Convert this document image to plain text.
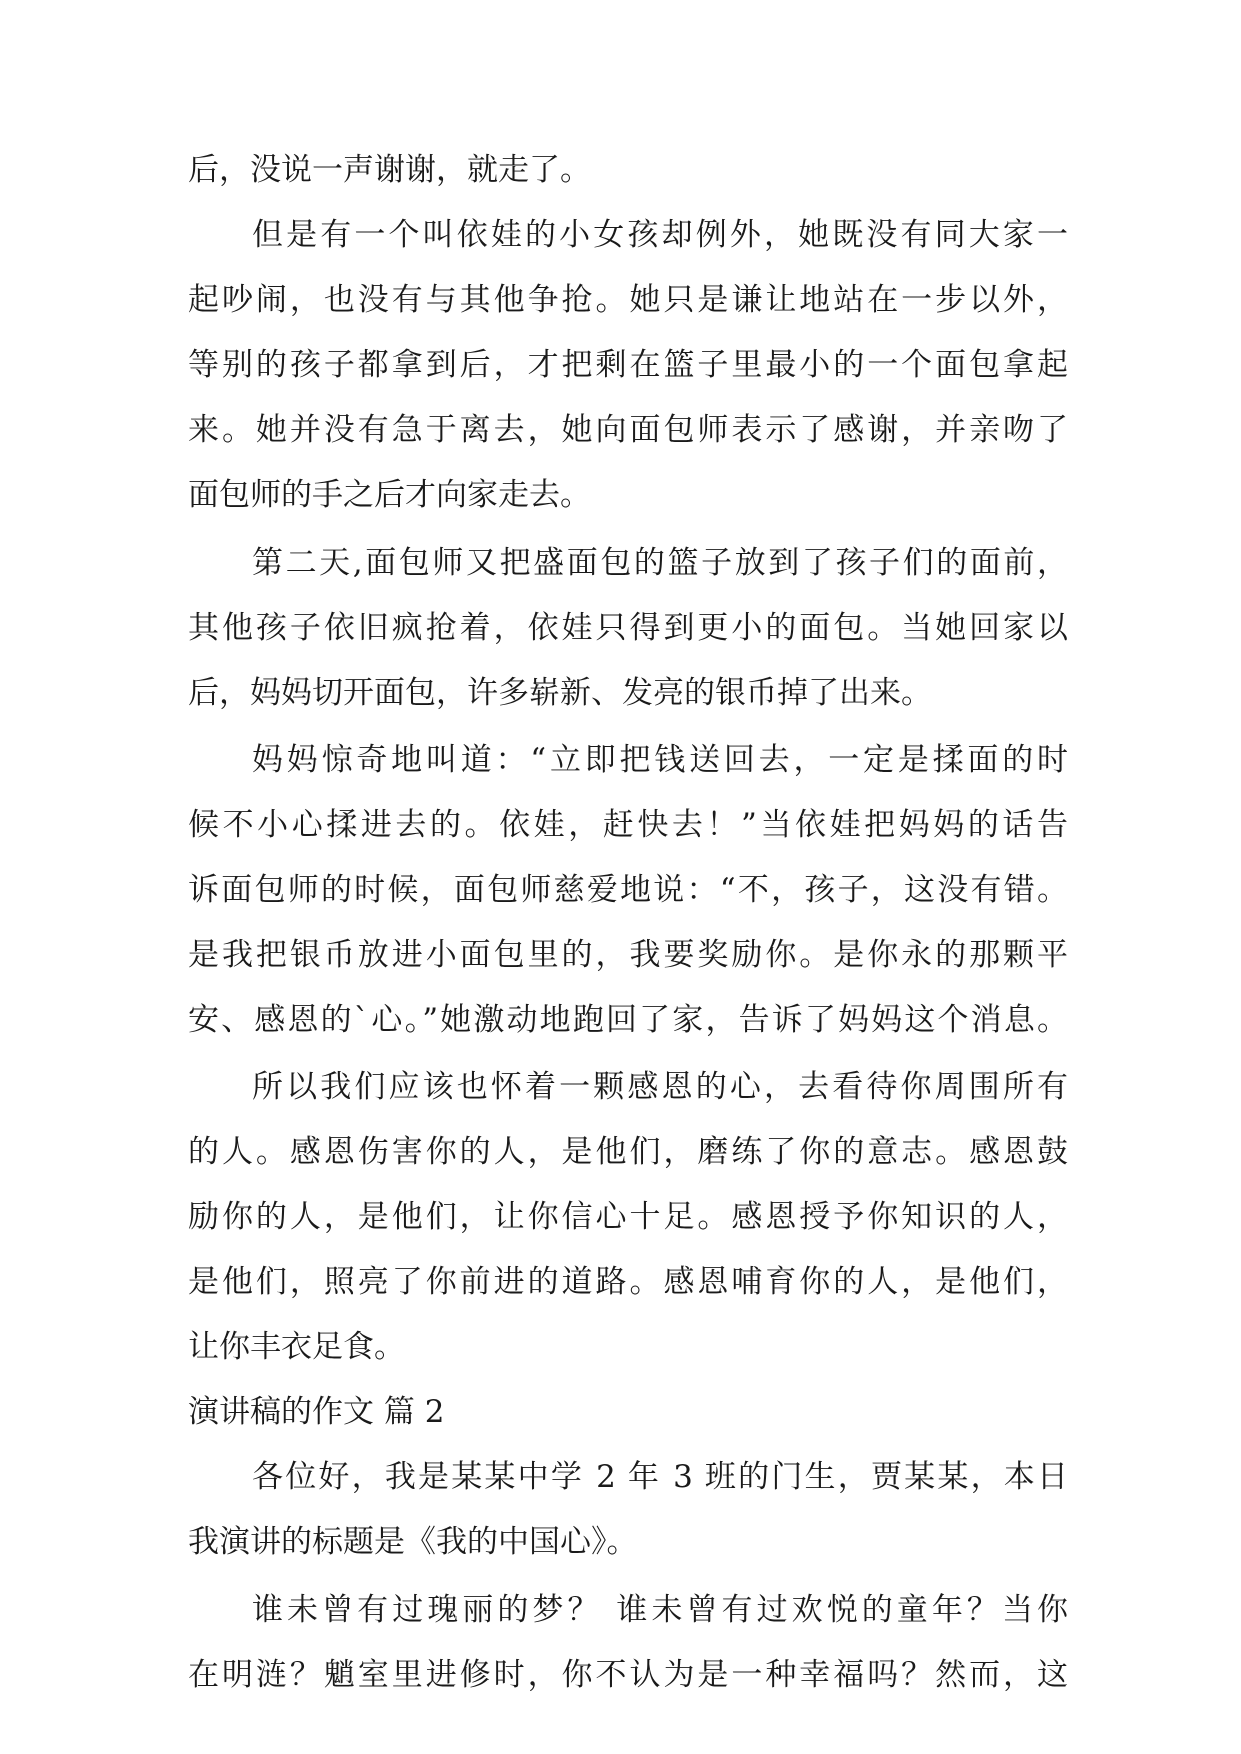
后，没说一声谢谢，就走了。
但是有一个叫依娃的小女孩却例外，她既没有同大家一
起吵闹，也没有与其他争抢。她只是谦让地站在一步以外，
等别的孩子都拿到后，才把剩在篮子里最小的一个面包拿起
来。她并没有急于离去，她向面包师表示了感谢，并亲吻了
面包师的手之后才向家走去。
第二天,面包师又把盛面包的篮子放到了孩子们的面前，
其他孩子依旧疯抢着，依娃只得到更小的面包。当她回家以
后，妈妈切开面包，许多崭新、发亮的银币掉了出来。
妈妈惊奇地叫道：“立即把钱送回去，一定是揉面的时
候不小心揉进去的。依娃，赶快去！”当依娃把妈妈的话告
诉面包师的时候，面包师慈爱地说：“不，孩子，这没有错。
是我把银币放进小面包里的，我要奖励你。是你永的那颗平
安、感恩的`心。”她激动地跑回了家，告诉了妈妈这个消息。
所以我们应该也怀着一颗感恩的心，去看待你周围所有
的人。感恩伤害你的人，是他们，磨练了你的意志。感恩鼓
励你的人，是他们，让你信心十足。感恩授予你知识的人，
是他们，照亮了你前进的道路。感恩哺育你的人，是他们，
让你丰衣足食。
演讲稿的作文 篇 2
各位好，我是某某中学 2 年 3 班的门生，贾某某，本日
我演讲的标题是《我的中国心》。
谁未曾有过瑰丽的梦？ 谁未曾有过欢悦的童年？当你
在明涟？魈室里进修时，你不认为是一种幸福吗？然而，这
